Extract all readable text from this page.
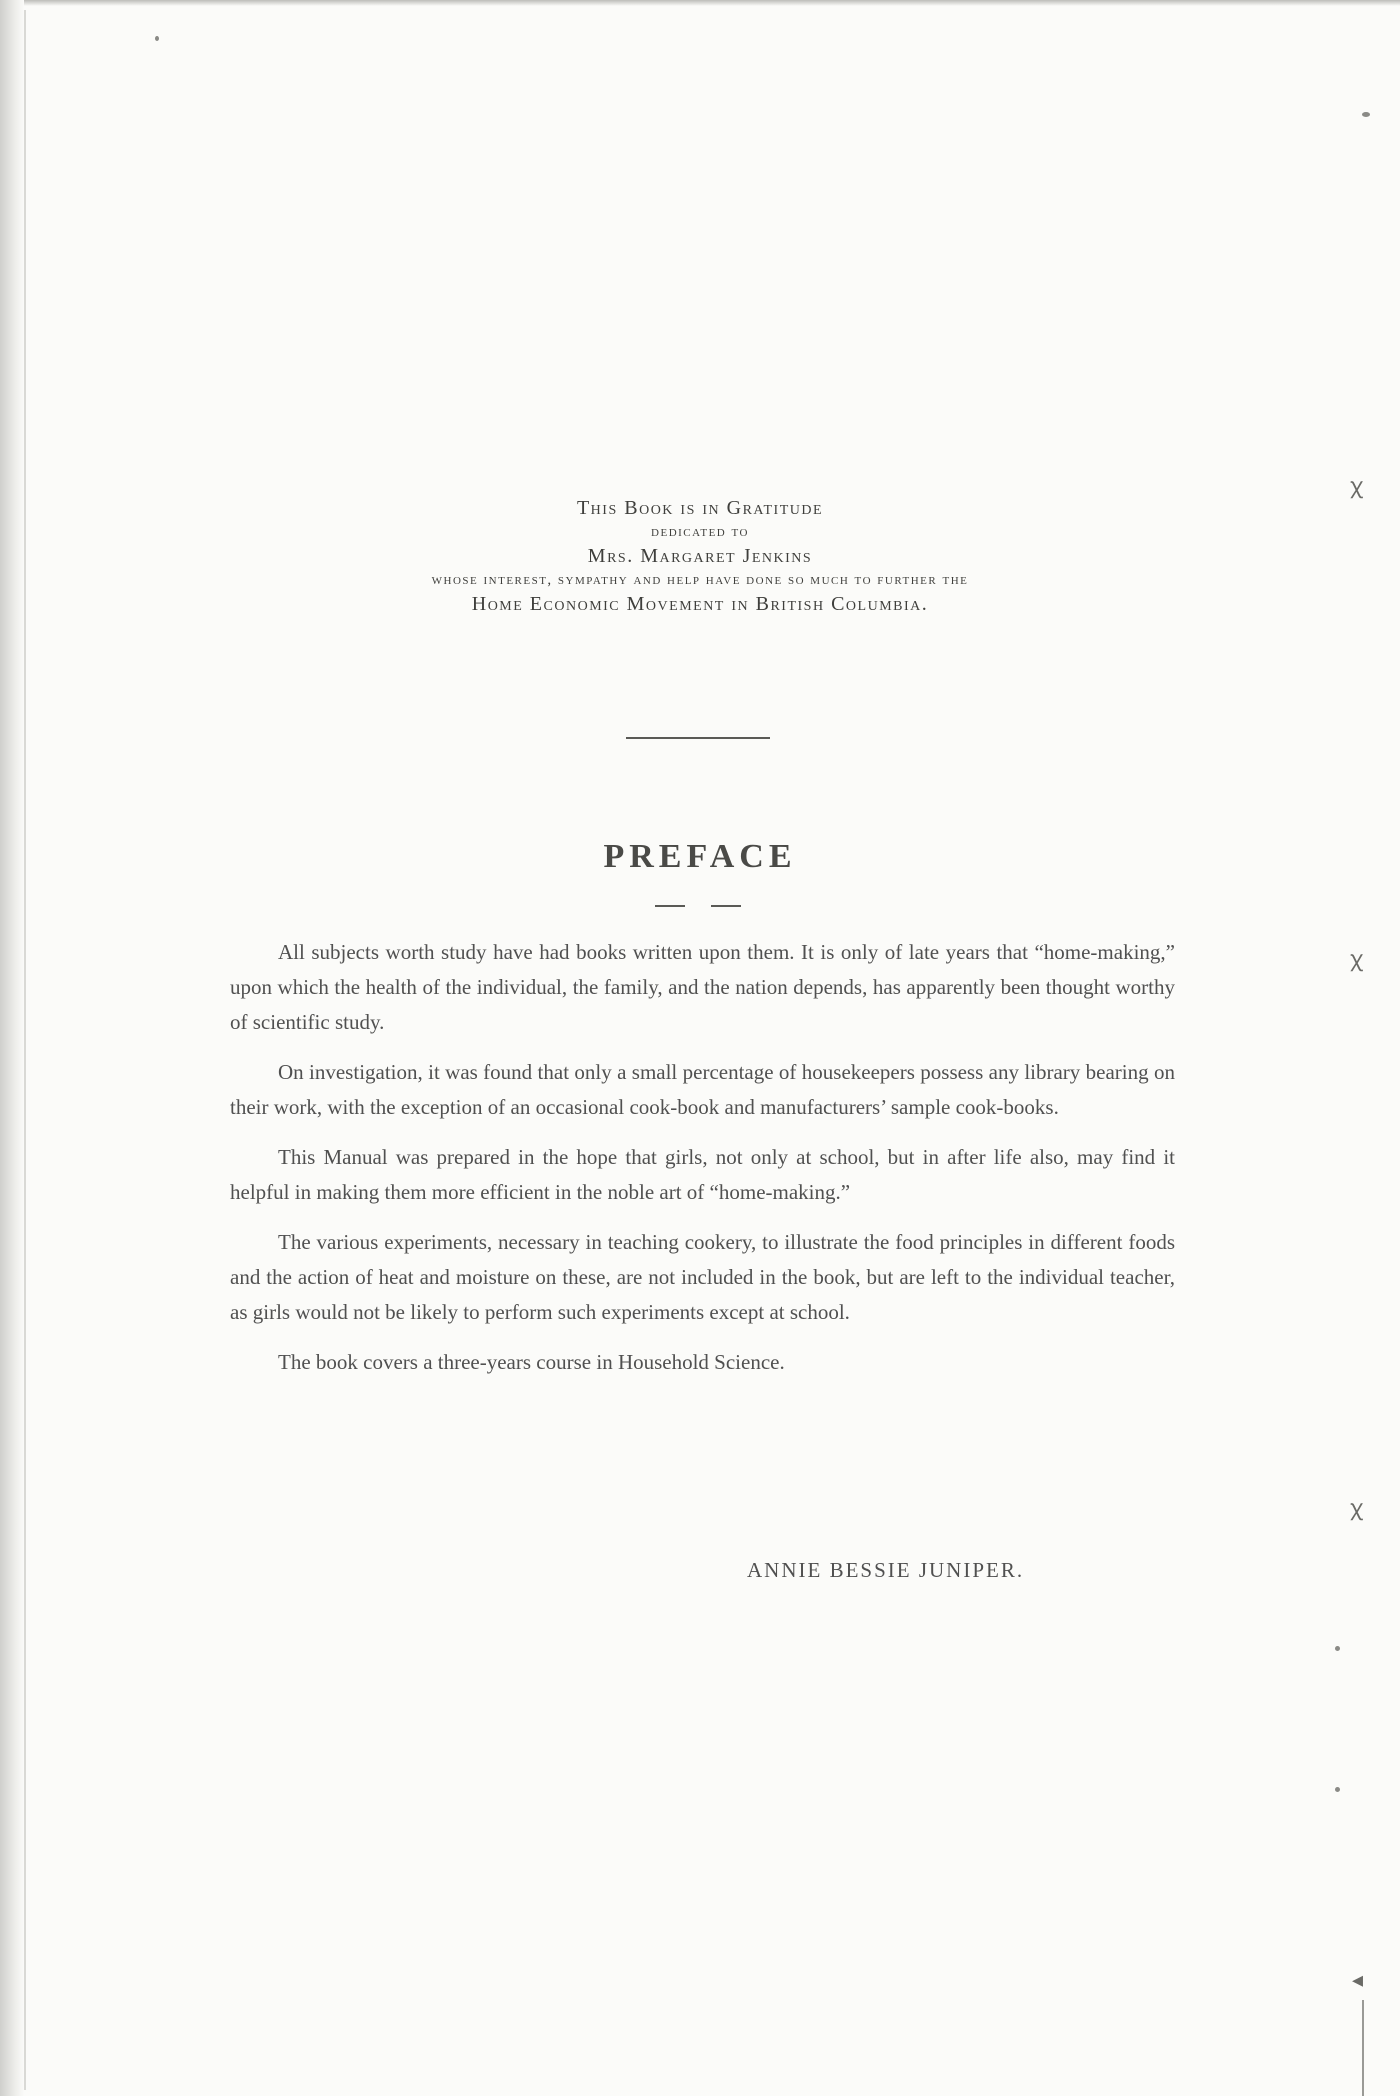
ꭓ
ꭓ
ꭓ
◂
This Book is in Gratitude
dedicated to
Mrs. Margaret Jenkins
whose interest, sympathy and help have done so much to further the
Home Economic Movement in British Columbia.
PREFACE

All subjects worth study have had books written upon them. It is only of late years that “home-making,” upon which the health of the individual, the family, and the nation depends, has apparently been thought worthy of scientific study.

On investigation, it was found that only a small percentage of housekeepers possess any library bearing on their work, with the exception of an occasional cook-book and manufacturers’ sample cook-books.

This Manual was prepared in the hope that girls, not only at school, but in after life also, may find it helpful in making them more efficient in the noble art of “home-making.”

The various experiments, necessary in teaching cookery, to illustrate the food principles in different foods and the action of heat and moisture on these, are not included in the book, but are left to the individual teacher, as girls would not be likely to perform such experiments except at school.

The book covers a three-years course in Household Science.

ANNIE BESSIE JUNIPER.
